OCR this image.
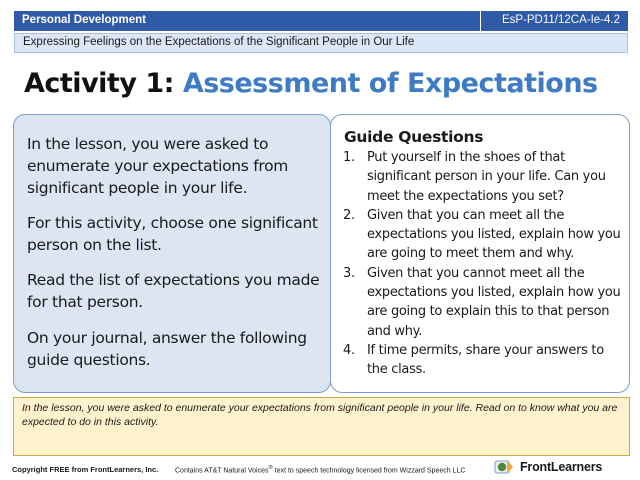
Personal Development	EsP-PD11/12CA-Ie-4.2
Expressing Feelings on the Expectations of the Significant People in Our Life
Activity 1: Assessment of Expectations

In the lesson, you were asked to enumerate your expectations from significant people in your life.

For this activity, choose one significant person on the list.

Read the list of expectations you made for that person.

On your journal, answer the following guide questions.

Guide Questions
1. Put yourself in the shoes of that significant person in your life. Can you meet the expectations you set?
2. Given that you can meet all the expectations you listed, explain how you are going to meet them and why.
3. Given that you cannot meet all the expectations you listed, explain how you are going to explain this to that person and why.
4. If time permits, share your answers to the class.
In the lesson, you were asked to enumerate your expectations from significant people in your life. Read on to know what you are expected to do in this activity.
Copyright FREE from FrontLearners, Inc. Contains AT&T Natural Voices® text to speech technology licensed from Wizzard Speech LLC	FrontLearners
